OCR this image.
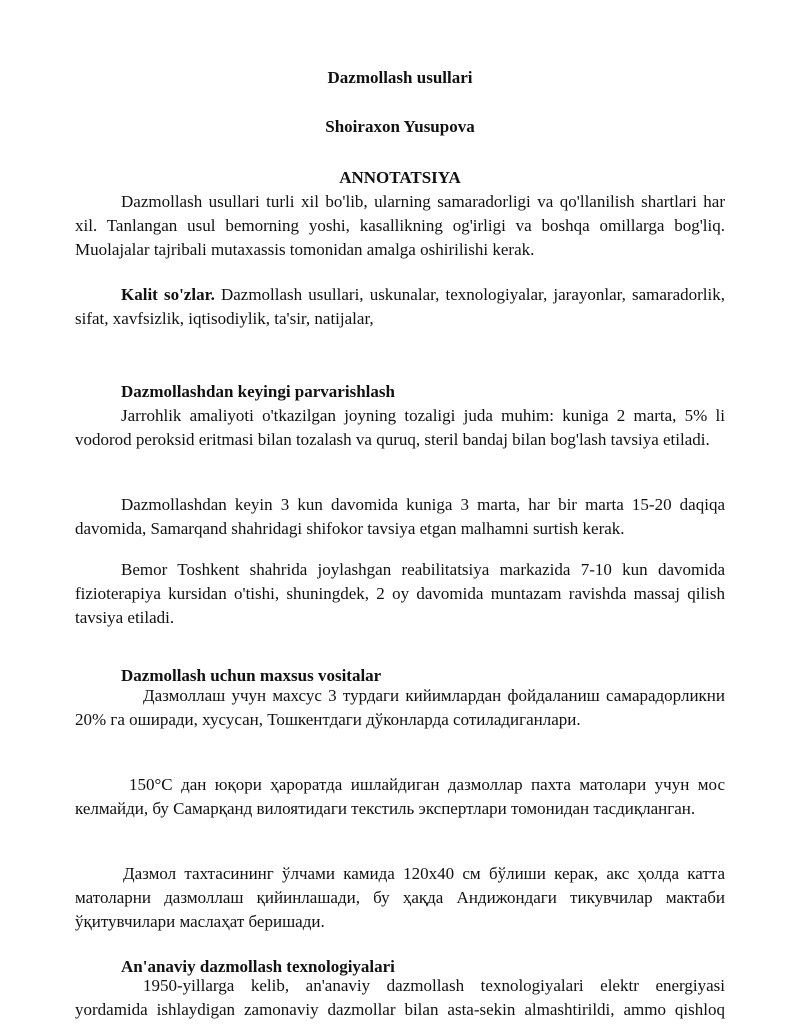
Dazmollash usullari

Shoiraxon Yusupova

ANNOTATSIYA

Dazmollash usullari turli xil bo'lib, ularning samaradorligi va qo'llanilish shartlari har xil. Tanlangan usul bemorning yoshi, kasallikning og'irligi va boshqa omillarga bog'liq. Muolajalar tajribali mutaxassis tomonidan amalga oshirilishi kerak.

Kalit so'zlar. Dazmollash usullari, uskunalar, texnologiyalar, jarayonlar, samaradorlik, sifat, xavfsizlik, iqtisodiylik, ta'sir, natijalar,

Dazmollashdan keyingi parvarishlash

Jarrohlik amaliyoti o'tkazilgan joyning tozaligi juda muhim: kuniga 2 marta, 5% li vodorod peroksid eritmasi bilan tozalash va quruq, steril bandaj bilan bog'lash tavsiya etiladi.

Dazmollashdan keyin 3 kun davomida kuniga 3 marta, har bir marta 15-20 daqiqa davomida, Samarqand shahridagi shifokor tavsiya etgan malhamni surtish kerak.

Bemor Toshkent shahrida joylashgan reabilitatsiya markazida 7-10 kun davomida fizioterapiya kursidan o'tishi, shuningdek, 2 oy davomida muntazam ravishda massaj qilish tavsiya etiladi.

Dazmollash uchun maxsus vositalar

Дазмоллаш учун махсус 3 турдаги кийимлардан фойдаланиш самарадорликни 20% га оширади, хусусан, Тошкентдаги дўконларда сотиладиганлари.

150°C дан юқори ҳароратда ишлайдиган дазмоллар пахта матолари учун мос келмайди, бу Самарқанд вилоятидаги текстиль экспертлари томонидан тасдиқланган.

Дазмол тахтасининг ўлчами камида 120x40 см бўлиши керак, акс ҳолда катта матоларни дазмоллаш қийинлашади, бу ҳақда Андижондаги тикувчилар мактаби ўқитувчилари маслаҳат беришади.

An'anaviy dazmollash texnologiyalari

1950-yillarga kelib, an'anaviy dazmollash texnologiyalari elektr energiyasi
yordamida ishlaydigan zamonaviy dazmollar bilan asta-sekin almashtirildi, ammo qishloq
